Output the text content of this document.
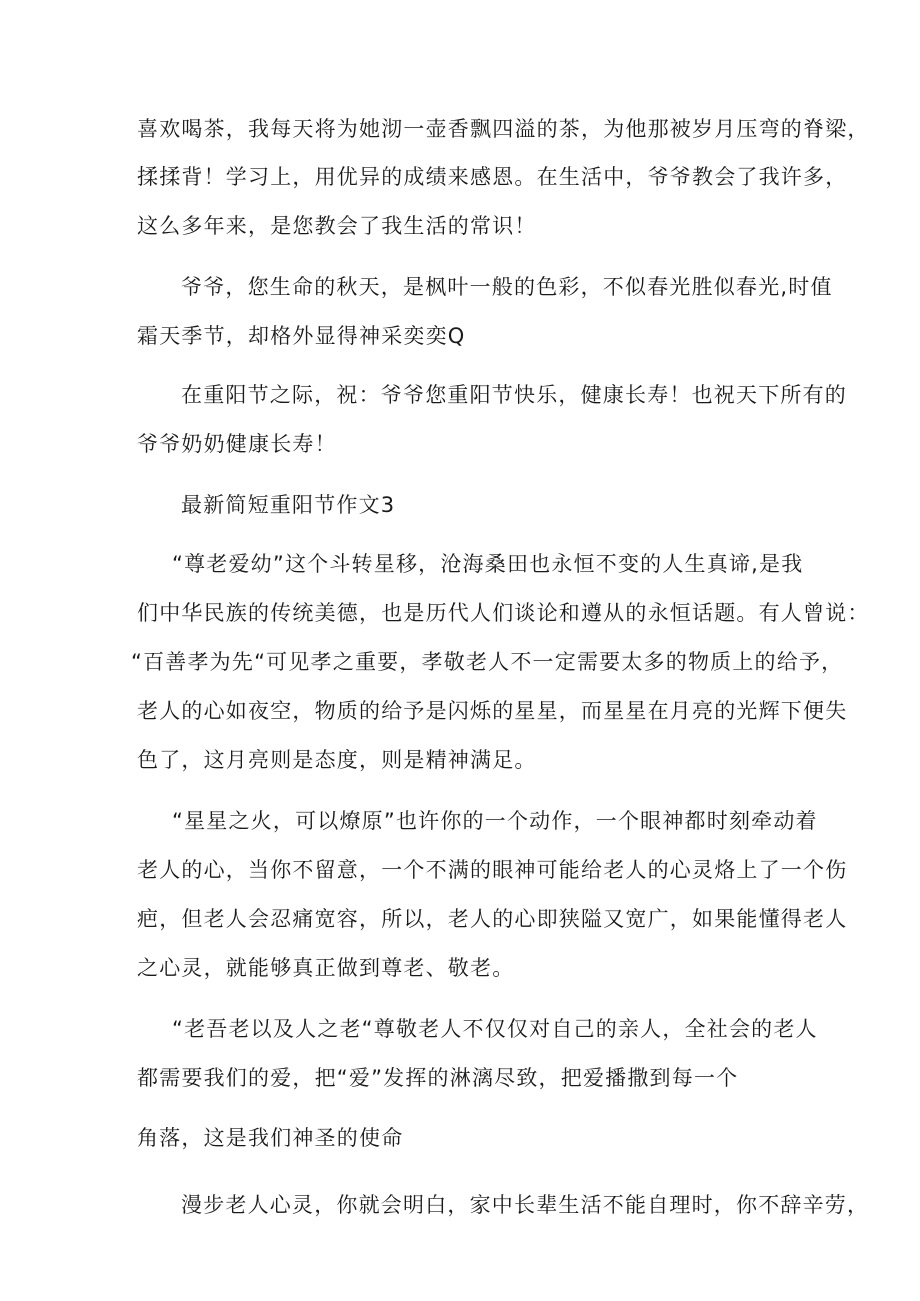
喜欢喝茶，我每天将为她沏一壶香飘四溢的茶，为他那被岁月压弯的脊梁，
揉揉背！学习上，用优异的成绩来感恩。在生活中，爷爷教会了我许多，
这么多年来，是您教会了我生活的常识！
爷爷，您生命的秋天，是枫叶一般的色彩，不似春光胜似春光,时值
霜天季节，却格外显得神采奕奕Q
在重阳节之际，祝：爷爷您重阳节快乐，健康长寿！也祝天下所有的
爷爷奶奶健康长寿！
最新简短重阳节作文3
“尊老爱幼”这个斗转星移，沧海桑田也永恒不变的人生真谛,是我
们中华民族的传统美德，也是历代人们谈论和遵从的永恒话题。有人曾说：
“百善孝为先“可见孝之重要，孝敬老人不一定需要太多的物质上的给予，
老人的心如夜空，物质的给予是闪烁的星星，而星星在月亮的光辉下便失
色了，这月亮则是态度，则是精神满足。
“星星之火，可以燎原”也许你的一个动作，一个眼神都时刻牵动着
老人的心，当你不留意，一个不满的眼神可能给老人的心灵烙上了一个伤
疤，但老人会忍痛宽容，所以，老人的心即狭隘又宽广，如果能懂得老人
之心灵，就能够真正做到尊老、敬老。
“老吾老以及人之老“尊敬老人不仅仅对自己的亲人，全社会的老人
都需要我们的爱，把“爱”发挥的淋漓尽致，把爱播撒到每一个
角落，这是我们神圣的使命
漫步老人心灵，你就会明白，家中长辈生活不能自理时，你不辞辛劳，
